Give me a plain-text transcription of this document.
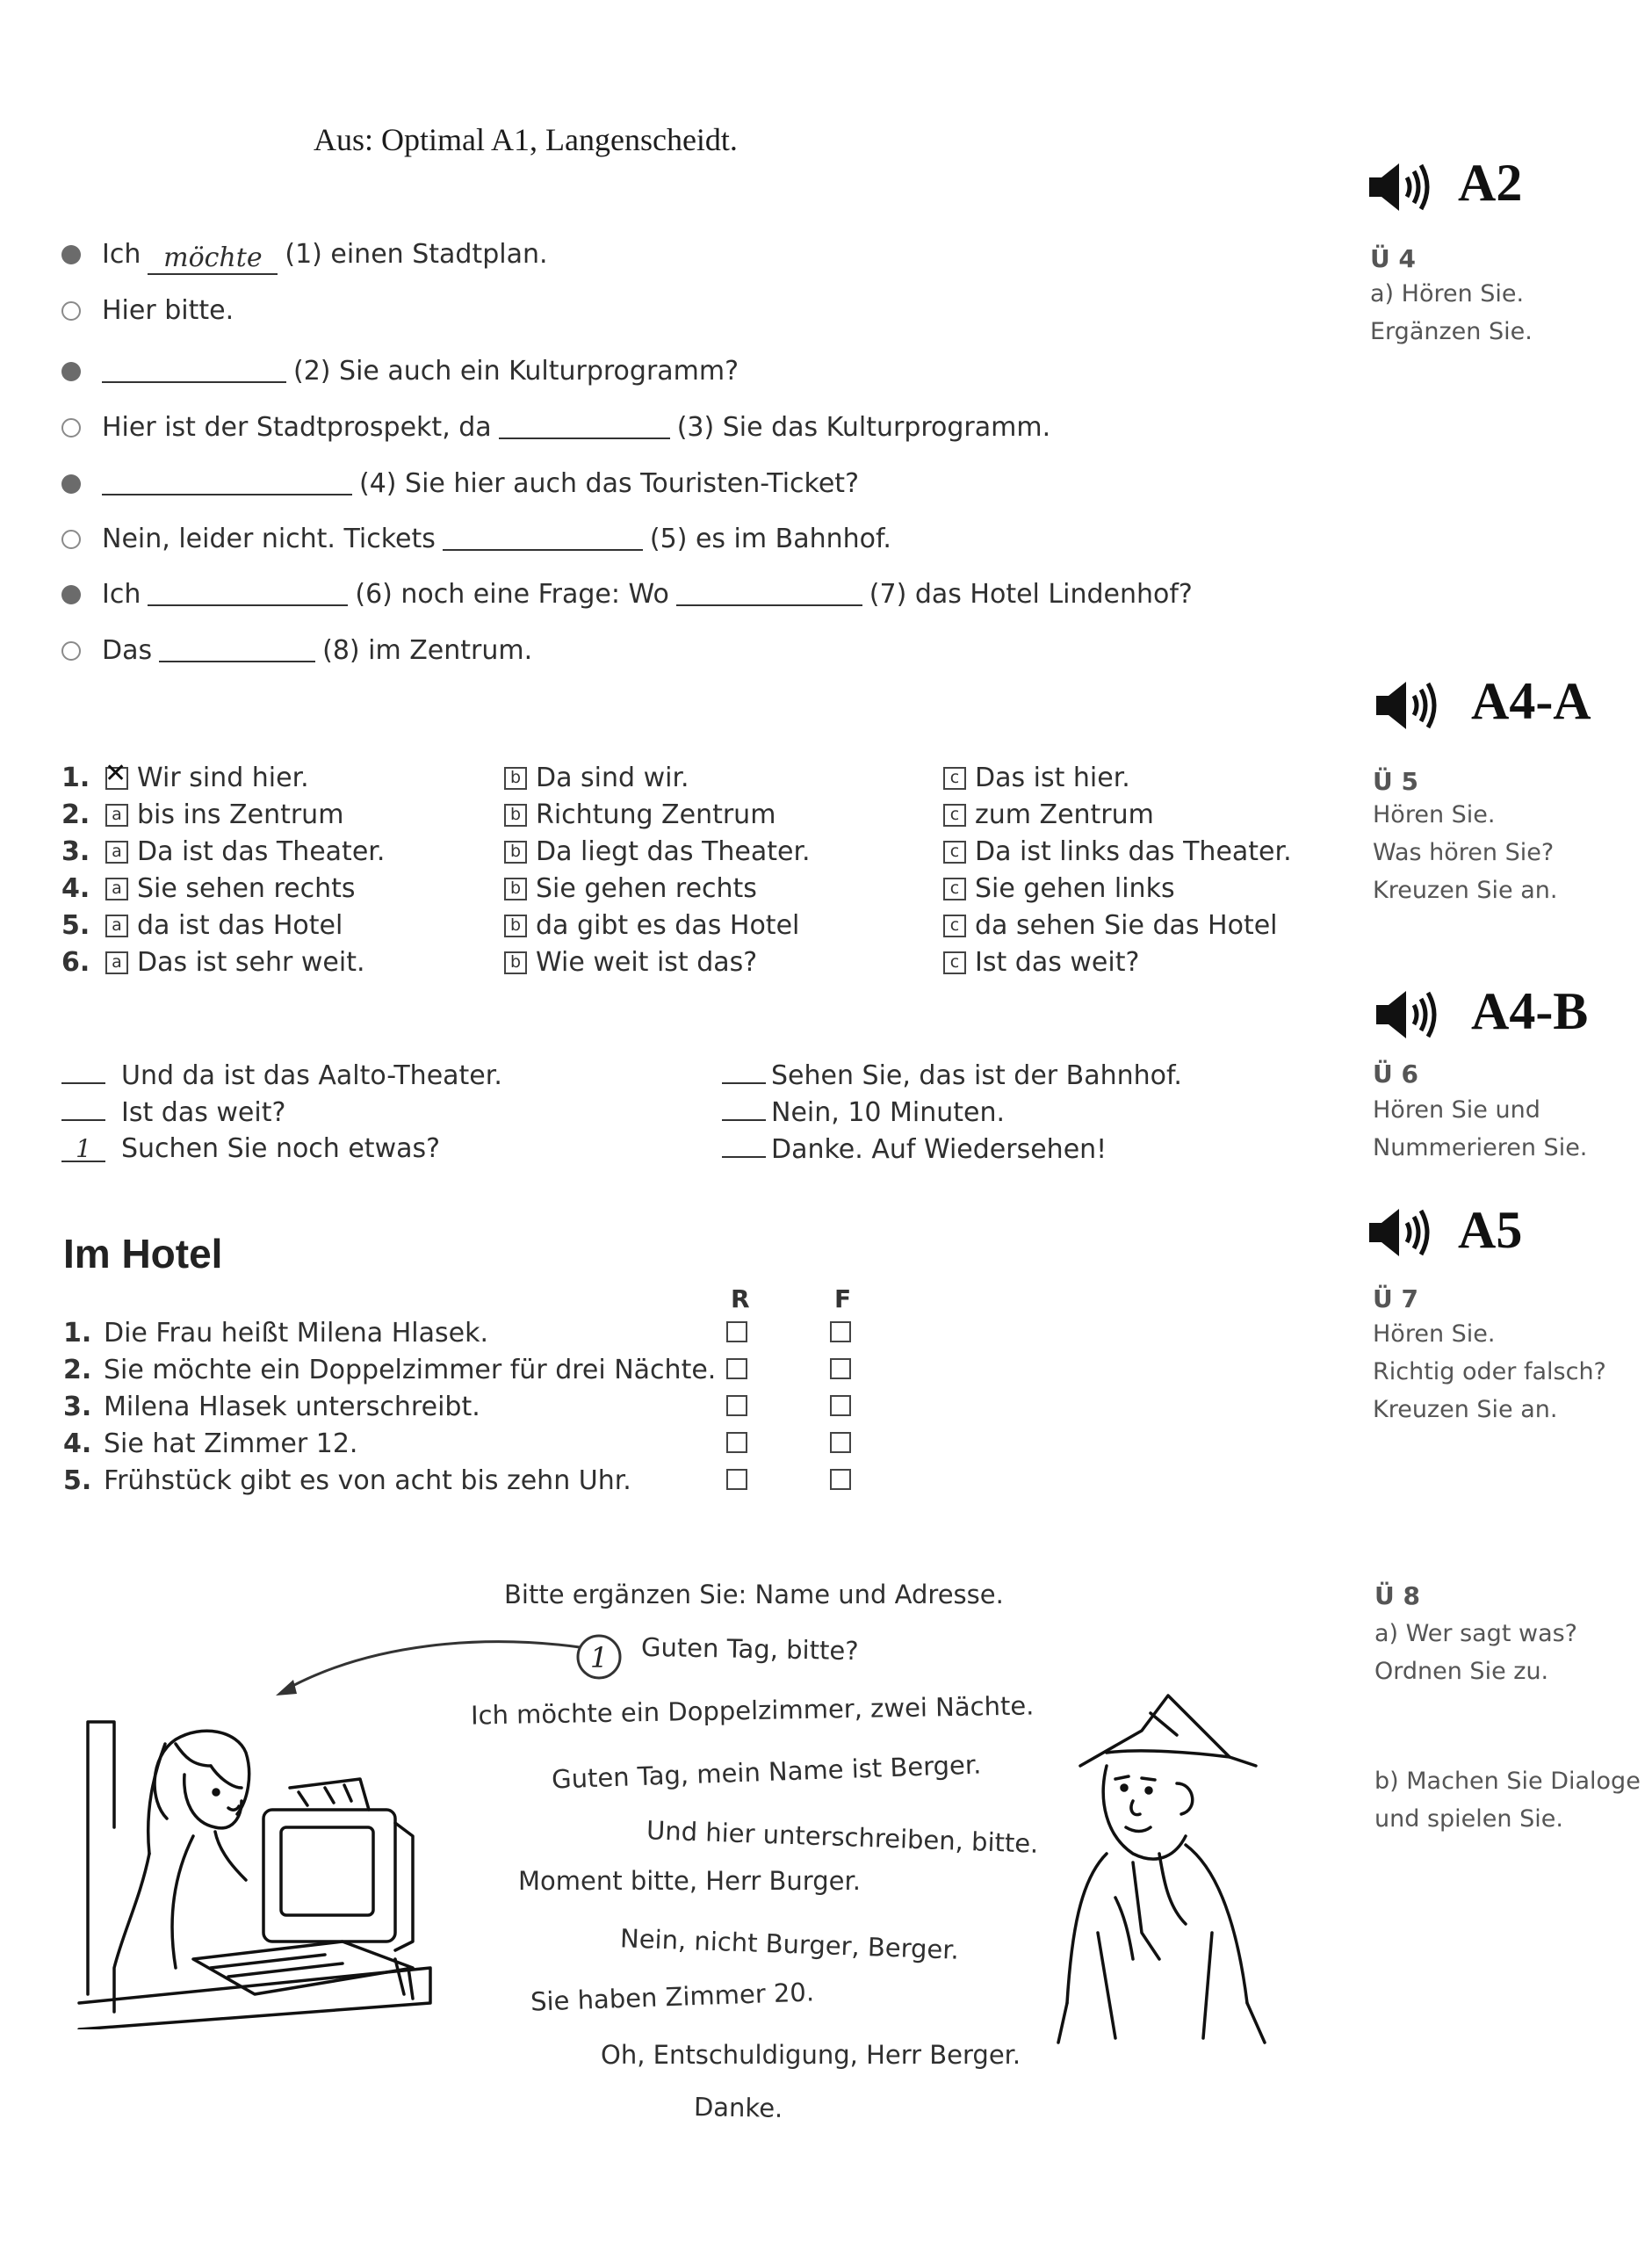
Aus: Optimal A1, Langenscheidt.
A2
Ü 4
a) Hören Sie.
Ergänzen Sie.
A4-A
Ü 5
Hören Sie.
Was hören Sie?
Kreuzen Sie an.
A4-B
Ü 6
Hören Sie und
Nummerieren Sie.
A5
Ü 7
Hören Sie.
Richtig oder falsch?
Kreuzen Sie an.
Ü 8
a) Wer sagt was?
Ordnen Sie zu.
b) Machen Sie Dialoge
und spielen Sie.
Ich möchte (1) einen Stadtplan.
Hier bitte.
(2) Sie auch ein Kulturprogramm?
Hier ist der Stadtprospekt, da	(3) Sie das Kulturprogramm.
(4) Sie hier auch das Touristen-Ticket?
Nein, leider nicht. Tickets	(5) es im Bahnhof.
Ich	(6) noch eine Frage: Wo	(7) das Hotel Lindenhof?
Das	(8) im Zentrum.
1.
✕	Wir sind hier.	b Da sind wir.	c Das ist hier.
2.	a bis ins Zentrum	b Richtung Zentrum	c zum Zentrum
3.	a Da ist das Theater.	b Da liegt das Theater.	c Da ist links das Theater.
4.	a Sie sehen rechts	b Sie gehen rechts	c Sie gehen links
5.	a da ist das Hotel	b da gibt es das Hotel	c da sehen Sie das Hotel
6.	a Das ist sehr weit.	b Wie weit ist das?	c Ist das weit?
Und da ist das Aalto-Theater.
Ist das weit?
1	Suchen Sie noch etwas?
Sehen Sie, das ist der Bahnhof.
Nein, 10 Minuten.
Danke. Auf Wiedersehen!
Im Hotel
R	F
1. Die Frau heißt Milena Hlasek.
2. Sie möchte ein Doppelzimmer für drei Nächte.
3. Milena Hlasek unterschreibt.
4. Sie hat Zimmer 12.
5. Frühstück gibt es von acht bis zehn Uhr.
Bitte ergänzen Sie: Name und Adresse.
1 Guten Tag, bitte?
Ich möchte ein Doppelzimmer, zwei Nächte.
Guten Tag, mein Name ist Berger.
Und hier unterschreiben, bitte.
Moment bitte, Herr Burger.
Nein, nicht Burger, Berger.
Sie haben Zimmer 20.
Oh, Entschuldigung, Herr Berger.
Danke.
